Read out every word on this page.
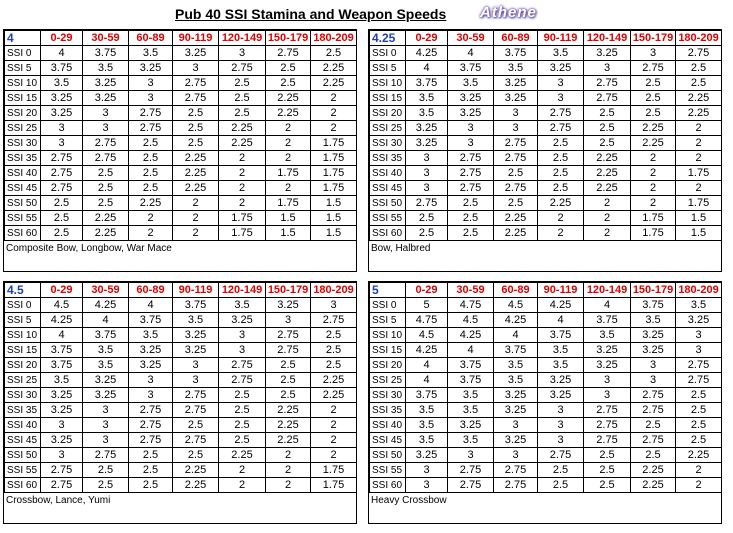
Pub 40 SSI Stamina and Weapon Speeds Athene
4	0-29	30-59	60-89	90-119	120-149	150-179	180-209
SSI 0	4	3.75	3.5	3.25	3	2.75	2.5
SSI 5	3.75	3.5	3.25	3	2.75	2.5	2.25
SSI 10	3.5	3.25	3	2.75	2.5	2.5	2.25
SSI 15	3.25	3.25	3	2.75	2.5	2.25	2
SSI 20	3.25	3	2.75	2.5	2.5	2.25	2
SSI 25	3	3	2.75	2.5	2.25	2	2
SSI 30	3	2.75	2.5	2.5	2.25	2	1.75
SSI 35	2.75	2.75	2.5	2.25	2	2	1.75
SSI 40	2.75	2.5	2.5	2.25	2	1.75	1.75
SSI 45	2.75	2.5	2.5	2.25	2	2	1.75
SSI 50	2.5	2.5	2.25	2	2	1.75	1.5
SSI 55	2.5	2.25	2	2	1.75	1.5	1.5
SSI 60	2.5	2.25	2	2	1.75	1.5	1.5
Composite Bow, Longbow, War Mace
4.25	0-29	30-59	60-89	90-119	120-149	150-179	180-209
SSI 0	4.25	4	3.75	3.5	3.25	3	2.75
SSI 5	4	3.75	3.5	3.25	3	2.75	2.5
SSI 10	3.75	3.5	3.25	3	2.75	2.5	2.5
SSI 15	3.5	3.25	3.25	3	2.75	2.5	2.25
SSI 20	3.5	3.25	3	2.75	2.5	2.5	2.25
SSI 25	3.25	3	3	2.75	2.5	2.25	2
SSI 30	3.25	3	2.75	2.5	2.5	2.25	2
SSI 35	3	2.75	2.75	2.5	2.25	2	2
SSI 40	3	2.75	2.5	2.5	2.25	2	1.75
SSI 45	3	2.75	2.75	2.5	2.25	2	2
SSI 50	2.75	2.5	2.5	2.25	2	2	1.75
SSI 55	2.5	2.5	2.25	2	2	1.75	1.5
SSI 60	2.5	2.5	2.25	2	2	1.75	1.5
Bow, Halbred
4.5	0-29	30-59	60-89	90-119	120-149	150-179	180-209
SSI 0	4.5	4.25	4	3.75	3.5	3.25	3
SSI 5	4.25	4	3.75	3.5	3.25	3	2.75
SSI 10	4	3.75	3.5	3.25	3	2.75	2.5
SSI 15	3.75	3.5	3.25	3.25	3	2.75	2.5
SSI 20	3.75	3.5	3.25	3	2.75	2.5	2.5
SSI 25	3.5	3.25	3	3	2.75	2.5	2.25
SSI 30	3.25	3.25	3	2.75	2.5	2.5	2.25
SSI 35	3.25	3	2.75	2.75	2.5	2.25	2
SSI 40	3	3	2.75	2.5	2.5	2.25	2
SSI 45	3.25	3	2.75	2.75	2.5	2.25	2
SSI 50	3	2.75	2.5	2.5	2.25	2	2
SSI 55	2.75	2.5	2.5	2.25	2	2	1.75
SSI 60	2.75	2.5	2.5	2.25	2	2	1.75
Crossbow, Lance, Yumi
5	0-29	30-59	60-89	90-119	120-149	150-179	180-209
SSI 0	5	4.75	4.5	4.25	4	3.75	3.5
SSI 5	4.75	4.5	4.25	4	3.75	3.5	3.25
SSI 10	4.5	4.25	4	3.75	3.5	3.25	3
SSI 15	4.25	4	3.75	3.5	3.25	3.25	3
SSI 20	4	3.75	3.5	3.5	3.25	3	2.75
SSI 25	4	3.75	3.5	3.25	3	3	2.75
SSI 30	3.75	3.5	3.25	3.25	3	2.75	2.5
SSI 35	3.5	3.5	3.25	3	2.75	2.75	2.5
SSI 40	3.5	3.25	3	3	2.75	2.5	2.5
SSI 45	3.5	3.5	3.25	3	2.75	2.75	2.5
SSI 50	3.25	3	3	2.75	2.5	2.5	2.25
SSI 55	3	2.75	2.75	2.5	2.5	2.25	2
SSI 60	3	2.75	2.75	2.5	2.5	2.25	2
Heavy Crossbow
